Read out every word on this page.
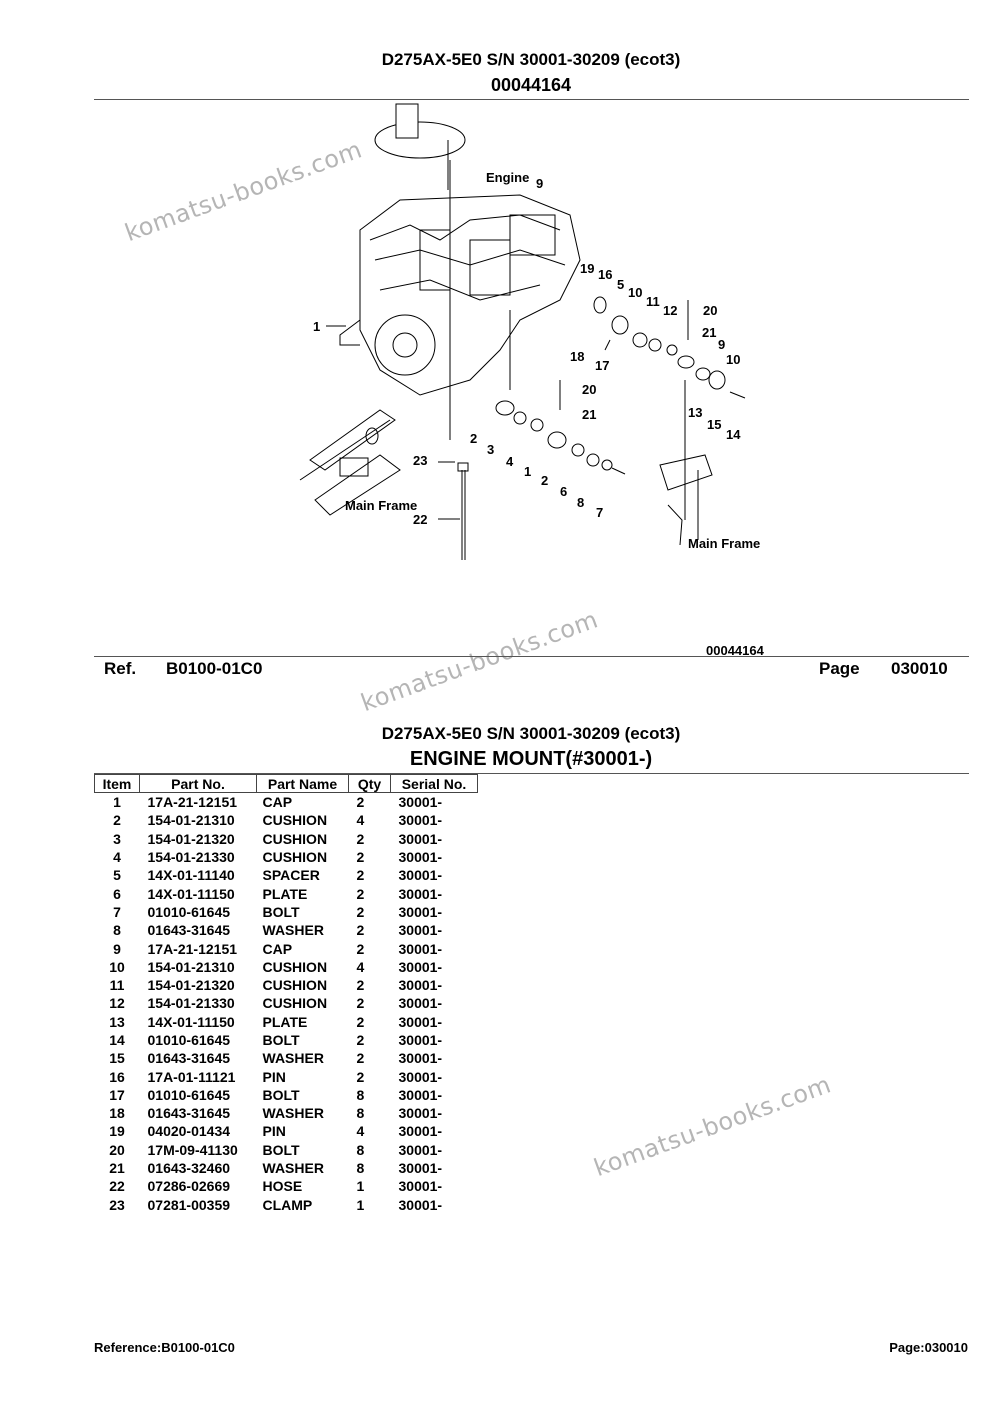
D275AX-5E0 S/N 30001-30209 (ecot3)
00044164
Engine
Main Frame
Main Frame
00044164
1
2
3
4
1
2
6
8
7
9
19 16
5
10
11
12 20
21
9
10
18
17
20
21	13
15
14
23
22
komatsu-books.com
komatsu-books.com
komatsu-books.com
Ref. B0100-01C0	Page 030010
D275AX-5E0 S/N 30001-30209 (ecot3)
ENGINE MOUNT(#30001-)
Item	Part No.	Part Name	Qty	Serial No.
1	17A-21-12151	CAP	2	30001-
2	154-01-21310	CUSHION	4	30001-
3	154-01-21320	CUSHION	2	30001-
4	154-01-21330	CUSHION	2	30001-
5	14X-01-11140	SPACER	2	30001-
6	14X-01-11150	PLATE	2	30001-
7	01010-61645	BOLT	2	30001-
8	01643-31645	WASHER	2	30001-
9	17A-21-12151	CAP	2	30001-
10	154-01-21310	CUSHION	4	30001-
11	154-01-21320	CUSHION	2	30001-
12	154-01-21330	CUSHION	2	30001-
13	14X-01-11150	PLATE	2	30001-
14	01010-61645	BOLT	2	30001-
15	01643-31645	WASHER	2	30001-
16	17A-01-11121	PIN	2	30001-
17	01010-61645	BOLT	8	30001-
18	01643-31645	WASHER	8	30001-
19	04020-01434	PIN	4	30001-
20	17M-09-41130	BOLT	8	30001-
21	01643-32460	WASHER	8	30001-
22	07286-02669	HOSE	1	30001-
23	07281-00359	CLAMP	1	30001-
Reference:B0100-01C0	Page:030010
